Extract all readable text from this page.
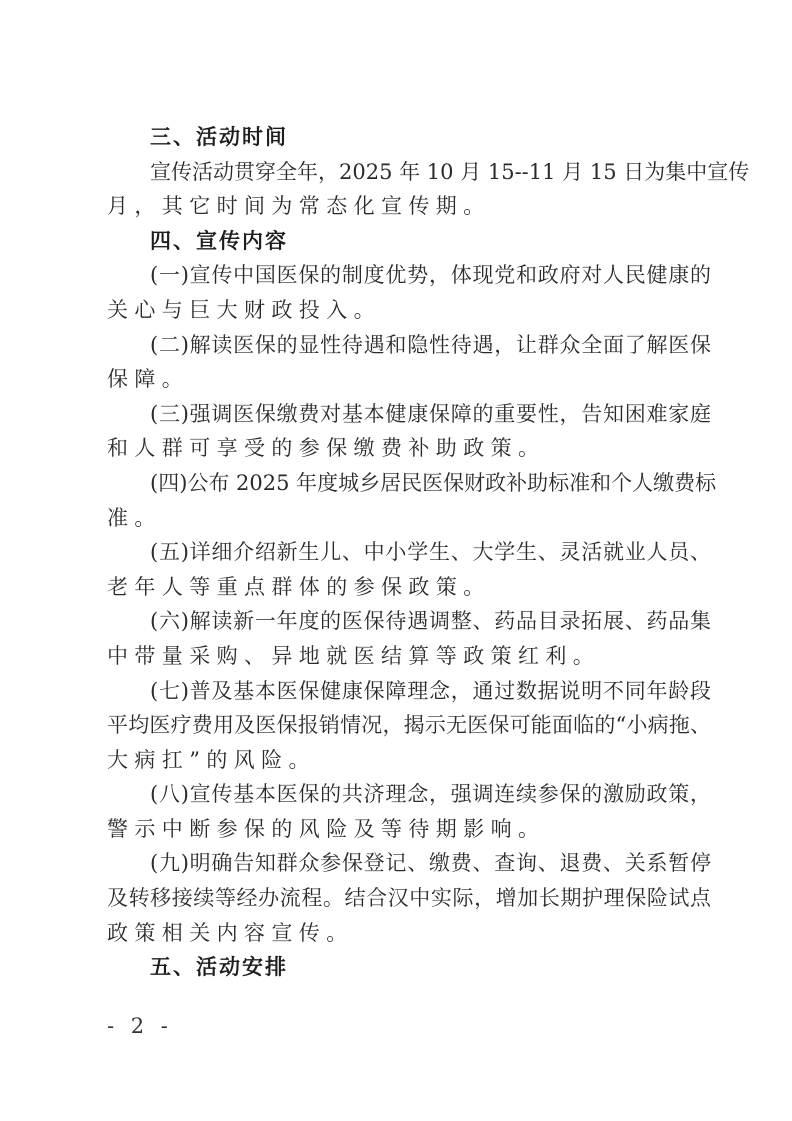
三、活动时间
宣传活动贯穿全年，2025 年 10 月 15--11 月 15 日为集中宣传
月，其它时间为常态化宣传期。
四、宣传内容
(一)宣传中国医保的制度优势，体现党和政府对人民健康的
关心与巨大财政投入。
(二)解读医保的显性待遇和隐性待遇，让群众全面了解医保
保障。
(三)强调医保缴费对基本健康保障的重要性，告知困难家庭
和人群可享受的参保缴费补助政策。
(四)公布 2025 年度城乡居民医保财政补助标准和个人缴费标
准。
(五)详细介绍新生儿、中小学生、大学生、灵活就业人员、
老年人等重点群体的参保政策。
(六)解读新一年度的医保待遇调整、药品目录拓展、药品集
中带量采购、异地就医结算等政策红利。
(七)普及基本医保健康保障理念，通过数据说明不同年龄段
平均医疗费用及医保报销情况，揭示无医保可能面临的“小病拖、
大病扛”的风险。
(八)宣传基本医保的共济理念，强调连续参保的激励政策，
警示中断参保的风险及等待期影响。
(九)明确告知群众参保登记、缴费、查询、退费、关系暂停
及转移接续等经办流程。结合汉中实际，增加长期护理保险试点
政策相关内容宣传。
五、活动安排
- 2 -
